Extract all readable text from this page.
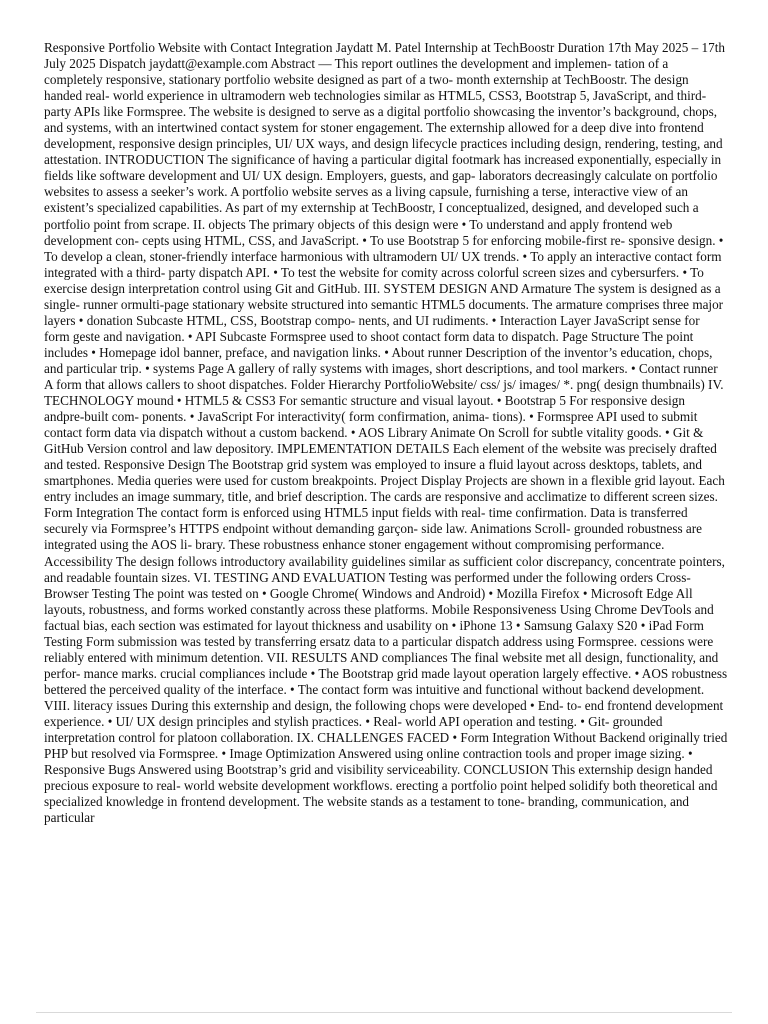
Responsive Portfolio Website with Contact Integration Jaydatt M. Patel Internship at TechBoostr Duration 17th May 2025 – 17th July 2025 Dispatch jaydatt@example.com Abstract — This report outlines the development and implemen- tation of a completely responsive, stationary portfolio website designed as part of a two- month externship at TechBoostr. The design handed real- world experience in ultramodern web technologies similar as HTML5, CSS3, Bootstrap 5, JavaScript, and third- party APIs like Formspree. The website is designed to serve as a digital portfolio showcasing the inventor’s background, chops, and systems, with an intertwined contact system for stoner engagement. The externship allowed for a deep dive into frontend development, responsive design principles, UI/ UX ways, and design lifecycle practices including design, rendering, testing, and attestation. INTRODUCTION The significance of having a particular digital footmark has increased exponentially, especially in fields like software development and UI/ UX design. Employers, guests, and gap- laborators decreasingly calculate on portfolio websites to assess a seeker’s work. A portfolio website serves as a living capsule, furnishing a terse, interactive view of an existent’s specialized capabilities. As part of my externship at TechBoostr, I conceptualized, designed, and developed such a portfolio point from scrape. II. objects The primary objects of this design were • To understand and apply frontend web development con- cepts using HTML, CSS, and JavaScript. • To use Bootstrap 5 for enforcing mobile-first re- sponsive design. • To develop a clean, stoner-friendly interface harmonious with ultramodern UI/ UX trends. • To apply an interactive contact form integrated with a third- party dispatch API. • To test the website for comity across colorful screen sizes and cybersurfers. • To exercise design interpretation control using Git and GitHub. III. SYSTEM DESIGN AND Armature The system is designed as a single- runner ormulti-page stationary website structured into semantic HTML5 documents. The armature comprises three major layers • donation Subcaste HTML, CSS, Bootstrap compo- nents, and UI rudiments. • Interaction Layer JavaScript sense for form geste and navigation. • API Subcaste Formspree used to shoot contact form data to dispatch. Page Structure The point includes • Homepage idol banner, preface, and navigation links. • About runner Description of the inventor’s education, chops, and particular trip. • systems Page A gallery of rally systems with images, short descriptions, and tool markers. • Contact runner A form that allows callers to shoot dispatches. Folder Hierarchy PortfolioWebsite/ css/ js/ images/ *. png( design thumbnails) IV. TECHNOLOGY mound • HTML5 & CSS3 For semantic structure and visual layout. • Bootstrap 5 For responsive design andpre-built com- ponents. • JavaScript For interactivity( form confirmation, anima- tions). • Formspree API used to submit contact form data via dispatch without a custom backend. • AOS Library Animate On Scroll for subtle vitality goods. • Git & GitHub Version control and law depository. IMPLEMENTATION DETAILS Each element of the website was precisely drafted and tested. Responsive Design The Bootstrap grid system was employed to insure a fluid layout across desktops, tablets, and smartphones. Media queries were used for custom breakpoints. Project Display Projects are shown in a flexible grid layout. Each entry includes an image summary, title, and brief description. The cards are responsive and acclimatize to different screen sizes. Form Integration The contact form is enforced using HTML5 input fields with real- time confirmation. Data is transferred securely via Formspree’s HTTPS endpoint without demanding garçon- side law. Animations Scroll- grounded robustness are integrated using the AOS li- brary. These robustness enhance stoner engagement without compromising performance. Accessibility The design follows introductory availability guidelines similar as sufficient color discrepancy, concentrate pointers, and readable fountain sizes. VI. TESTING AND EVALUATION Testing was performed under the following orders Cross-Browser Testing The point was tested on • Google Chrome( Windows and Android) • Mozilla Firefox • Microsoft Edge All layouts, robustness, and forms worked constantly across these platforms. Mobile Responsiveness Using Chrome DevTools and factual bias, each section was estimated for layout thickness and usability on • iPhone 13 • Samsung Galaxy S20 • iPad Form Testing Form submission was tested by transferring ersatz data to a particular dispatch address using Formspree. cessions were reliably entered with minimum detention. VII. RESULTS AND compliances The final website met all design, functionality, and perfor- mance marks. crucial compliances include • The Bootstrap grid made layout operation largely effective. • AOS robustness bettered the perceived quality of the interface. • The contact form was intuitive and functional without backend development. VIII. literacy issues During this externship and design, the following chops were developed • End- to- end frontend development experience. • UI/ UX design principles and stylish practices. • Real- world API operation and testing. • Git- grounded interpretation control for platoon collaboration. IX. CHALLENGES FACED • Form Integration Without Backend originally tried PHP but resolved via Formspree. • Image Optimization Answered using online contraction tools and proper image sizing. • Responsive Bugs Answered using Bootstrap’s grid and visibility serviceability. CONCLUSION This externship design handed precious exposure to real- world website development workflows. erecting a portfolio point helped solidify both theoretical and specialized knowledge in frontend development. The website stands as a testament to tone- branding, communication, and particular
